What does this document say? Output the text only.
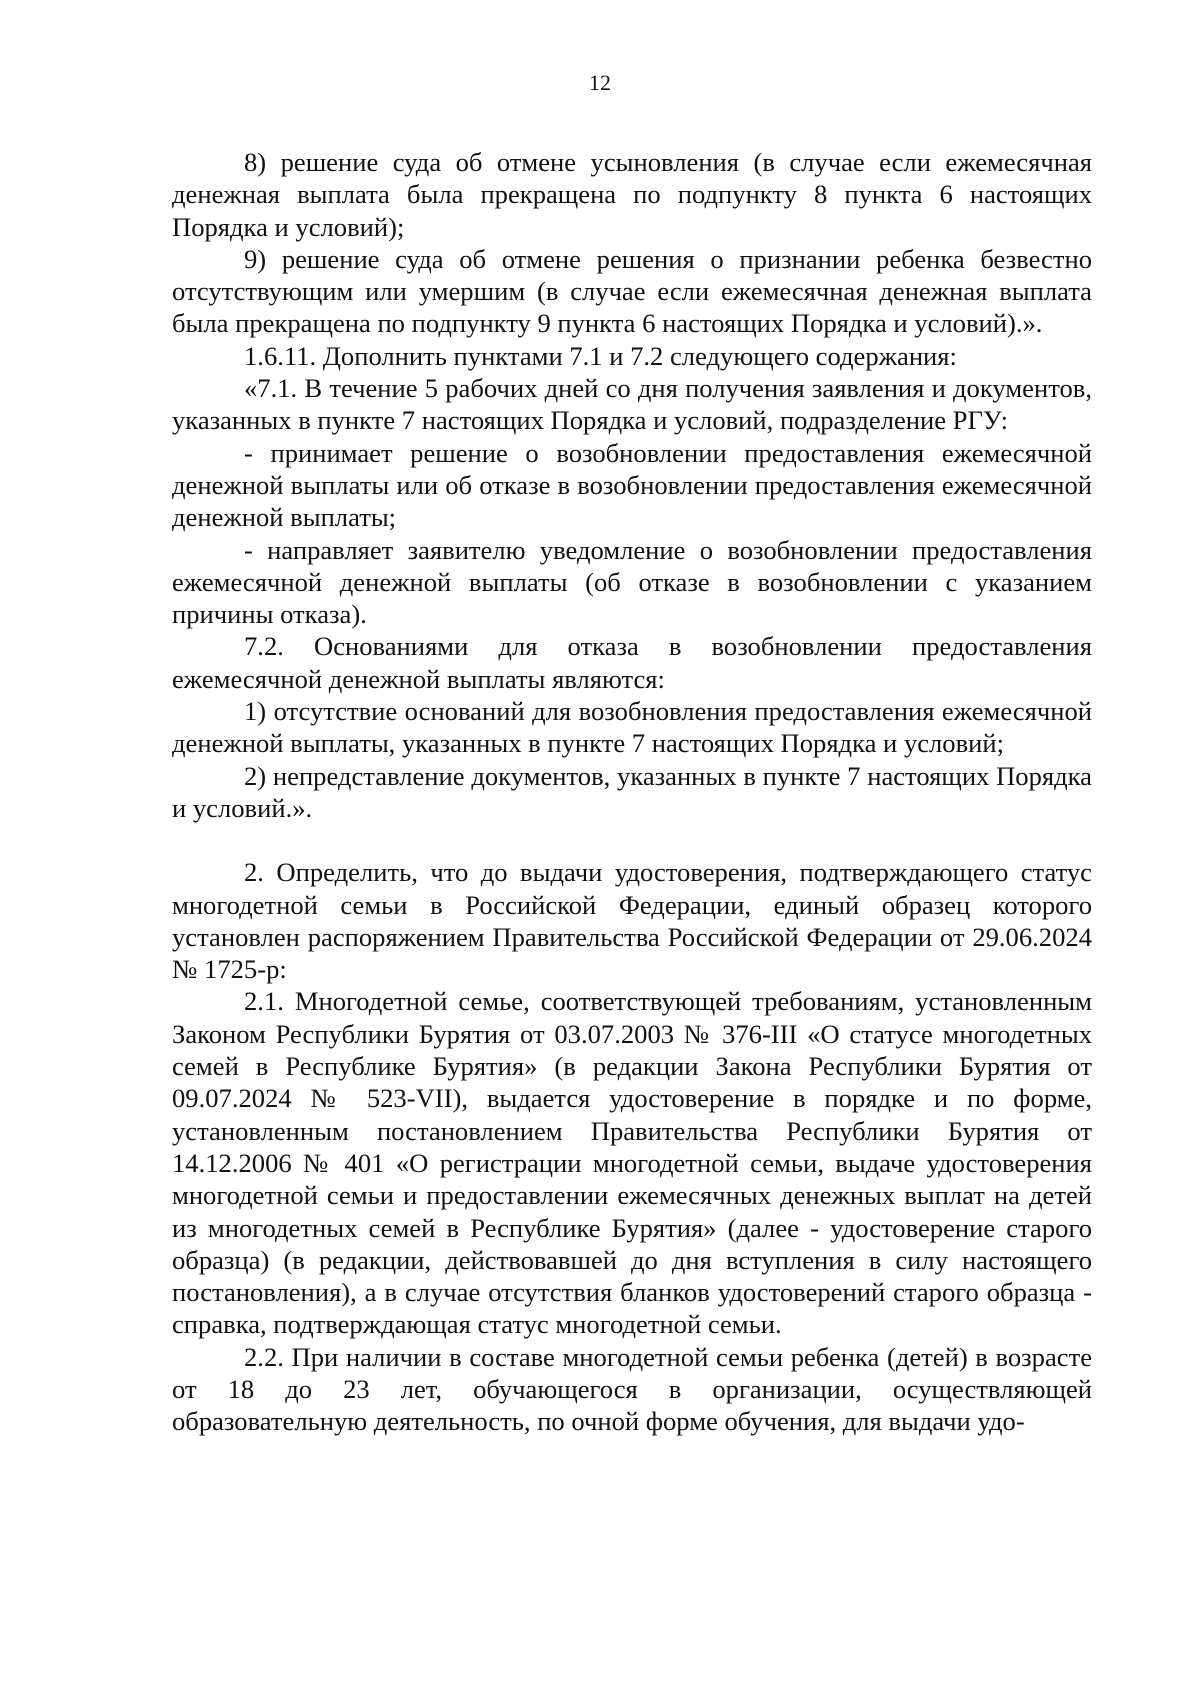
12

8) решение суда об отмене усыновления (в случае если ежемесячная денежная выплата была прекращена по подпункту 8 пункта 6 настоящих Порядка и условий);

9) решение суда об отмене решения о признании ребенка безвестно отсутствующим или умершим (в случае если ежемесячная денежная выплата была прекращена по подпункту 9 пункта 6 настоящих Порядка и условий).».

1.6.11. Дополнить пунктами 7.1 и 7.2 следующего содержания:

«7.1. В течение 5 рабочих дней со дня получения заявления и документов, указанных в пункте 7 настоящих Порядка и условий, подразделение РГУ:

- принимает решение о возобновлении предоставления ежемесячной денежной выплаты или об отказе в возобновлении предоставления ежемесячной денежной выплаты;

- направляет заявителю уведомление о возобновлении предоставления ежемесячной денежной выплаты (об отказе в возобновлении с указанием причины отказа).

7.2. Основаниями для отказа в возобновлении предоставления ежемесячной денежной выплаты являются:

1) отсутствие оснований для возобновления предоставления ежемесячной денежной выплаты, указанных в пункте 7 настоящих Порядка и условий;

2) непредставление документов, указанных в пункте 7 настоящих Порядка и условий.».

2. Определить, что до выдачи удостоверения, подтверждающего статус многодетной семьи в Российской Федерации, единый образец которого установлен распоряжением Правительства Российской Федерации от 29.06.2024 № 1725-р:

2.1. Многодетной семье, соответствующей требованиям, установленным Законом Республики Бурятия от 03.07.2003 № 376-III «О статусе многодетных семей в Республике Бурятия» (в редакции Закона Республики Бурятия от 09.07.2024 № 523-VII), выдается удостоверение в порядке и по форме, установленным постановлением Правительства Республики Бурятия от 14.12.2006 № 401 «О регистрации многодетной семьи, выдаче удостоверения многодетной семьи и предоставлении ежемесячных денежных выплат на детей из многодетных семей в Республике Бурятия» (далее - удостоверение старого образца) (в редакции, действовавшей до дня вступления в силу настоящего постановления), а в случае отсутствия бланков удостоверений старого образца - справка, подтверждающая статус многодетной семьи.

2.2. При наличии в составе многодетной семьи ребенка (детей) в возрасте от 18 до 23 лет, обучающегося в организации, осуществляющей образовательную деятельность, по очной форме обучения, для выдачи удо-
